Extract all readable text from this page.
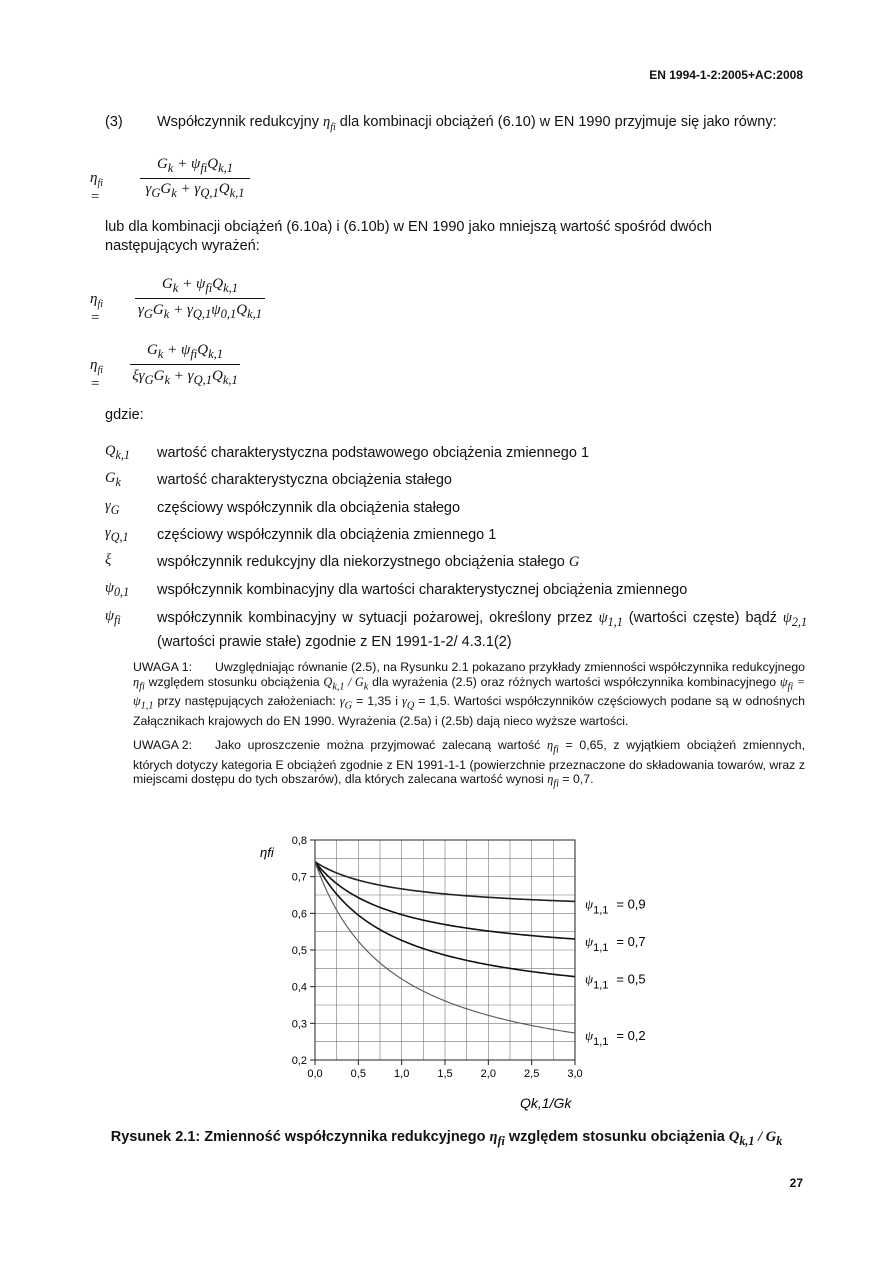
EN 1994-1-2:2005+AC:2008
(3) Współczynnik redukcyjny $\eta_{fi}$ dla kombinacji obciążeń (6.10) w EN 1990 przyjmuje się jako równy:
$\eta_{fi}$ =
$G_k + \psi_{fi}Q_{k,1}$
$\gamma_GG_k + \gamma_{Q,1}Q_{k,1}$
lub dla kombinacji obciążeń (6.10a) i (6.10b) w EN 1990 jako mniejszą wartość spośród dwóch następujących wyrażeń:
$\eta_{fi}$ =
$G_k + \psi_{fi}Q_{k,1}$
$\gamma_GG_k + \gamma_{Q,1}\psi_{0,1}Q_{k,1}$
$\eta_{fi}$ =
$G_k + \psi_{fi}Q_{k,1}$
$\xi\gamma_GG_k + \gamma_{Q,1}Q_{k,1}$
gdzie:
$Q_{k,1}$ wartość charakterystyczna podstawowego obciążenia zmiennego 1
$G_k$ wartość charakterystyczna obciążenia stałego
$\gamma_G$	częściowy współczynnik dla obciążenia stałego
$\gamma_{Q,1}$ częściowy współczynnik dla obciążenia zmiennego 1
ξ	współczynnik redukcyjny dla niekorzystnego obciążenia stałego G
$\psi_{0,1}$ współczynnik kombinacyjny dla wartości charakterystycznej obciążenia zmiennego
$\psi_{fi}$	współczynnik kombinacyjny w sytuacji pożarowej, określony przez $\psi_{1,1}$ (wartości częste) bądź $\psi_{2,1}$ (wartości prawie stałe) zgodnie z EN 1991-1-2/ 4.3.1(2)
UWAGA 1: Uwzględniając równanie (2.5), na Rysunku 2.1 pokazano przykłady zmienności współczynnika redukcyjnego $\eta_{fi}$ względem stosunku obciążenia $Q_{k,1} / G_k$ dla wyrażenia (2.5) oraz różnych wartości współczynnika kombinacyjnego $\psi_{fi} = \psi_{1,1}$ przy następujących założeniach: $\gamma_G = 1,35$ i $\gamma_Q = 1,5$. Wartości współczynników częściowych podane są w odnośnych Załącznikach krajowych do EN 1990. Wyrażenia (2.5a) i (2.5b) dają nieco wyższe wartości.
UWAGA 2: Jako uproszczenie można przyjmować zalecaną wartość $\eta_{fi} = 0,65$, z wyjątkiem obciążeń zmiennych, których dotyczy kategoria E obciążeń zgodnie z EN 1991-1-1 (powierzchnie przeznaczone do składowania towarów, wraz z miejscami dostępu do tych obszarów), dla których zalecana wartość wynosi $\eta_{fi} = 0,7$.
ηfi
0,2
0,3
0,4
0,5
0,6
0,7
0,8
0,0	0,5	1,0	1,5	2,0	2,5	3,0
$\psi_{1,1} = 0,9$
$\psi_{1,1} = 0,7$
$\psi_{1,1} = 0,5$
$\psi_{1,1} = 0,2$
Qk,1/Gk
Rysunek 2.1: Zmienność współczynnika redukcyjnego $\eta_{fi}$ względem stosunku obciążenia $Q_{k,1} / G_k$
27
